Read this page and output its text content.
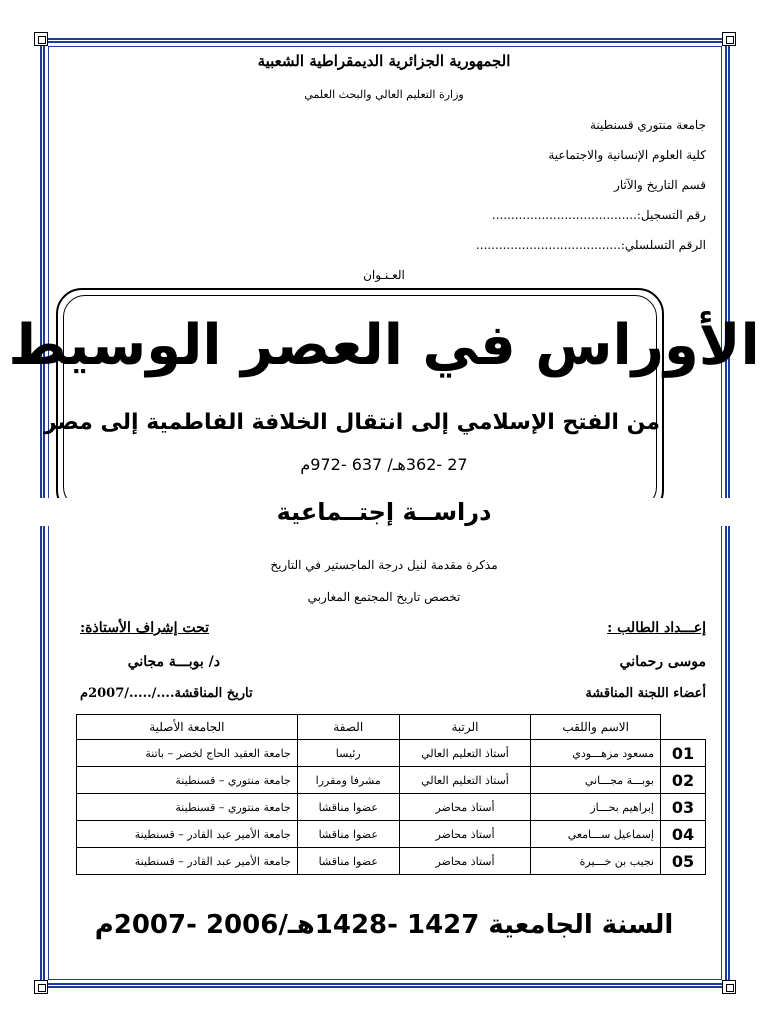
الجمهورية الجزائرية الديمقراطية الشعبية
وزارة التعليم العالي والبحث العلمي
جامعة منتوري قسنطينة
كلية العلوم الإنسانية والاجتماعية
قسم التاريخ والآثار
رقم التسجيل:......................................
الرقم التسلسلي:......................................
العـنـوان
الأوراس في العصر الوسيط
من الفتح الإسلامي إلى انتقال الخلافة الفاطمية إلى مصر
27 -362هـ/ 637 -972م
دراســة إجتــماعية
مذكرة مقدمة لنيل درجة الماجستير في التاريخ
تخصص تاريخ المجتمع المغاربي
إعـــداد الطالب :
موسى رحماني
أعضاء اللجنة المناقشة
تحت إشراف الأستاذة:
د/ بوبـــة مجاني
تاريخ المناقشة..../...../2007م
	الاسم واللقب	الرتبة	الصفة	الجامعة الأصلية
01	مسعود مزهـــودي	أستاذ التعليم العالي	رئيسا	جامعة العقيد الحاج لخضر – باتنة
02	بوبـــة مجـــاني	أستاذ التعليم العالي	مشرفا ومقررا	جامعة منتوري – قسنطينة
03	إبراهيم بحـــاز	أستاذ محاضر	عضوا مناقشا	جامعة منتوري – قسنطينة
04	إسماعيل ســـامعي	أستاذ محاضر	عضوا مناقشا	جامعة الأمير عبد القادر – قسنطينة
05	نجيب بن خـــيرة	أستاذ محاضر	عضوا مناقشا	جامعة الأمير عبد القادر – قسنطينة
السنة الجامعية 1427 -1428هـ/2006 -2007م
